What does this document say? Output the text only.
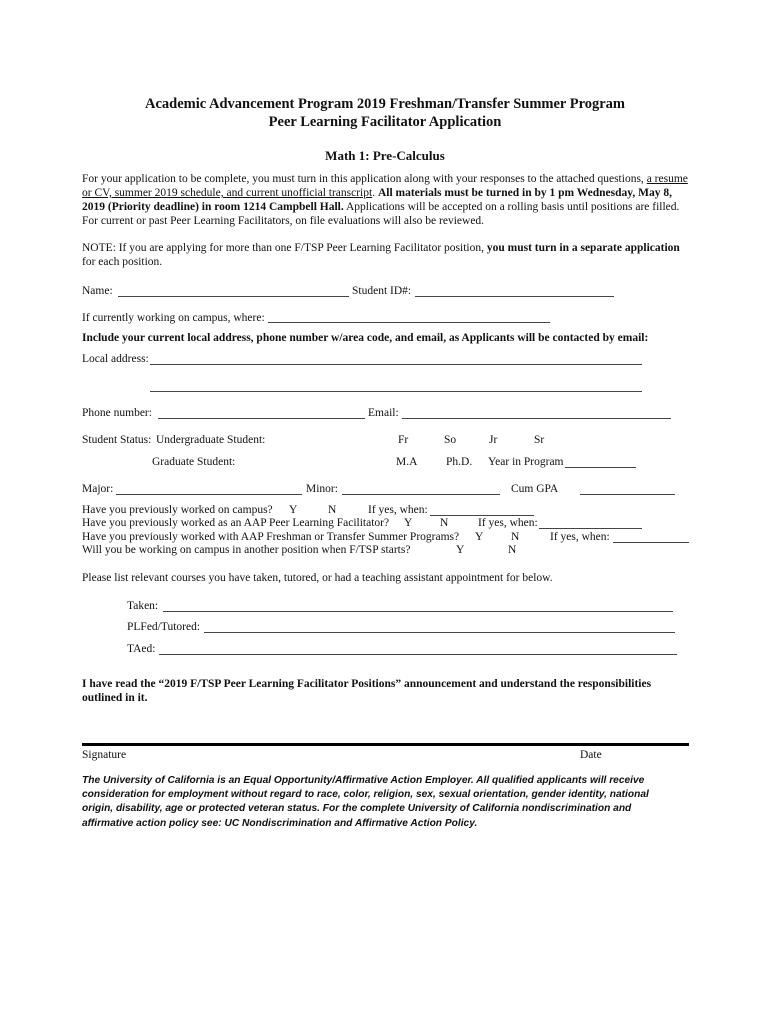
Academic Advancement Program 2019 Freshman/Transfer Summer Program
Peer Learning Facilitator Application
Math 1: Pre-Calculus
For your application to be complete, you must turn in this application along with your responses to the attached questions, a resume or CV, summer 2019 schedule, and current unofficial transcript. All materials must be turned in by 1 pm Wednesday, May 8, 2019 (Priority deadline) in room 1214 Campbell Hall. Applications will be accepted on a rolling basis until positions are filled. For current or past Peer Learning Facilitators, on file evaluations will also be reviewed.
NOTE: If you are applying for more than one F/TSP Peer Learning Facilitator position, you must turn in a separate application for each position.
Name:	Student ID#:
If currently working on campus, where:
Include your current local address, phone number w/area code, and email, as Applicants will be contacted by email:
Local address:
Phone number:	Email:
Student Status: Undergraduate Student:	Fr	So	Jr	Sr
Graduate Student:	M.A Ph.D. Year in Program
Major:	Minor:	Cum GPA
Have you previously worked on campus? Y	N	If yes, when:
Have you previously worked as an AAP Peer Learning Facilitator? Y N	If yes, when:
Have you previously worked with AAP Freshman or Transfer Summer Programs? Y N	If yes, when:
Will you be working on campus in another position when F/TSP starts?	Y	N
Please list relevant courses you have taken, tutored, or had a teaching assistant appointment for below.
Taken:
PLFed/Tutored:
TAed:
I have read the “2019 F/TSP Peer Learning Facilitator Positions” announcement and understand the responsibilities outlined in it.
Signature	Date
The University of California is an Equal Opportunity/Affirmative Action Employer. All qualified applicants will receive consideration for employment without regard to race, color, religion, sex, sexual orientation, gender identity, national origin, disability, age or protected veteran status. For the complete University of California nondiscrimination and affirmative action policy see: UC Nondiscrimination and Affirmative Action Policy.
